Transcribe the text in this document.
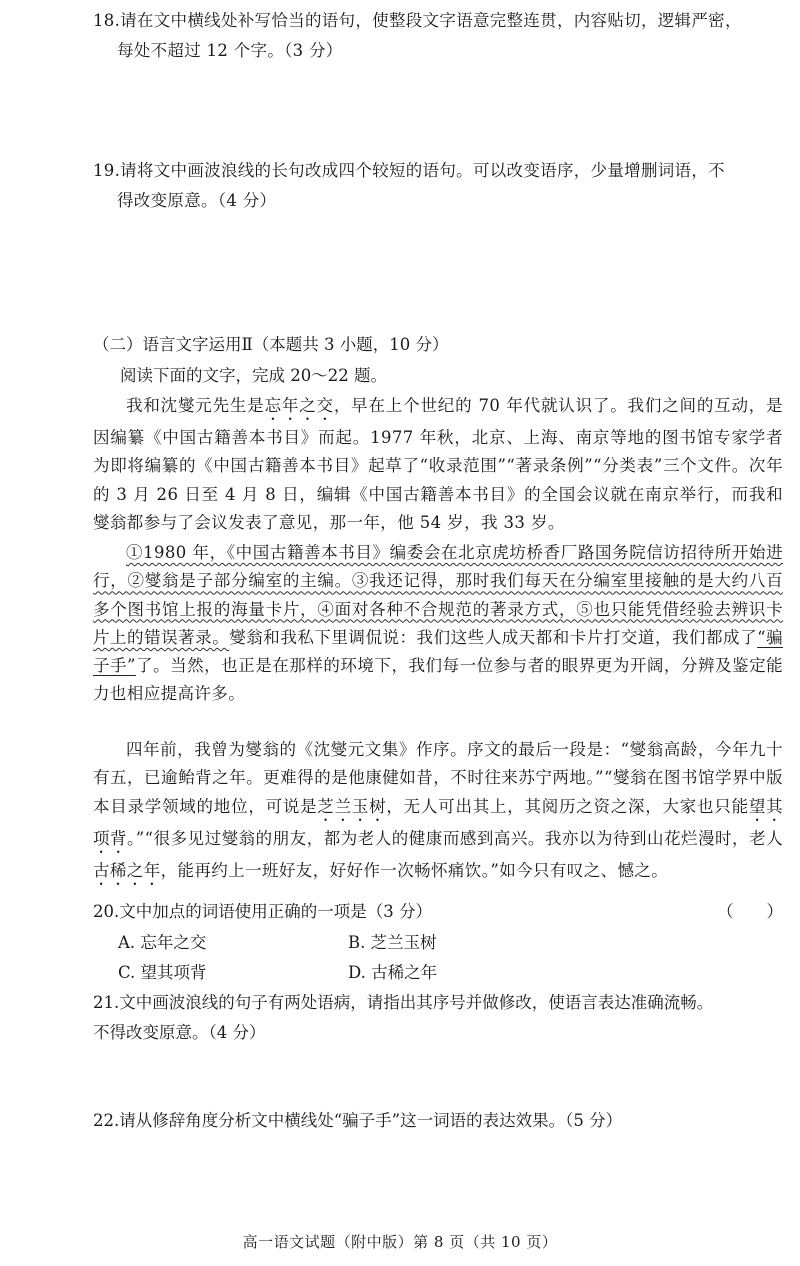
18.请在文中横线处补写恰当的语句，使整段文字语意完整连贯，内容贴切，逻辑严密，
每处不超过 12 个字。（3 分）
19.请将文中画波浪线的长句改成四个较短的语句。可以改变语序，少量增删词语，不
得改变原意。（4 分）
（二）语言文字运用Ⅱ（本题共 3 小题，10 分）
阅读下面的文字，完成 20～22 题。
我和沈燮元先生是忘年之交，早在上个世纪的 70 年代就认识了。我们之间的互动，是因编纂《中国古籍善本书目》而起。1977 年秋，北京、上海、南京等地的图书馆专家学者为即将编纂的《中国古籍善本书目》起草了“收录范围”“著录条例”“分类表”三个文件。次年的 3 月 26 日至 4 月 8 日，编辑《中国古籍善本书目》的全国会议就在南京举行，而我和燮翁都参与了会议发表了意见，那一年，他 54 岁，我 33 岁。
①1980 年，《中国古籍善本书目》编委会在北京虎坊桥香厂路国务院信访招待所开始进行，②燮翁是子部分编室的主编。③我还记得，那时我们每天在分编室里接触的是大约八百多个图书馆上报的海量卡片，④面对各种不合规范的著录方式，⑤也只能凭借经验去辨识卡片上的错误著录。燮翁和我私下里调侃说：我们这些人成天都和卡片打交道，我们都成了“骗子手”了。当然，也正是在那样的环境下，我们每一位参与者的眼界更为开阔，分辨及鉴定能力也相应提高许多。
四年前，我曾为燮翁的《沈燮元文集》作序。序文的最后一段是：“燮翁高龄，今年九十有五，已逾鲐背之年。更难得的是他康健如昔，不时往来苏宁两地。”“燮翁在图书馆学界中版本目录学领域的地位，可说是芝兰玉树，无人可出其上，其阅历之资之深，大家也只能望其项背。”“很多见过燮翁的朋友，都为老人的健康而感到高兴。我亦以为待到山花烂漫时，老人古稀之年，能再约上一班好友，好好作一次畅怀痛饮。”如今只有叹之、憾之。
20.文中加点的词语使用正确的一项是（3 分）	（　　）
A. 忘年之交	B. 芝兰玉树
C. 望其项背	D. 古稀之年
21.文中画波浪线的句子有两处语病，请指出其序号并做修改，使语言表达准确流畅。
不得改变原意。（4 分）
22.请从修辞角度分析文中横线处“骗子手”这一词语的表达效果。（5 分）
高一语文试题（附中版）第 8 页（共 10 页）
